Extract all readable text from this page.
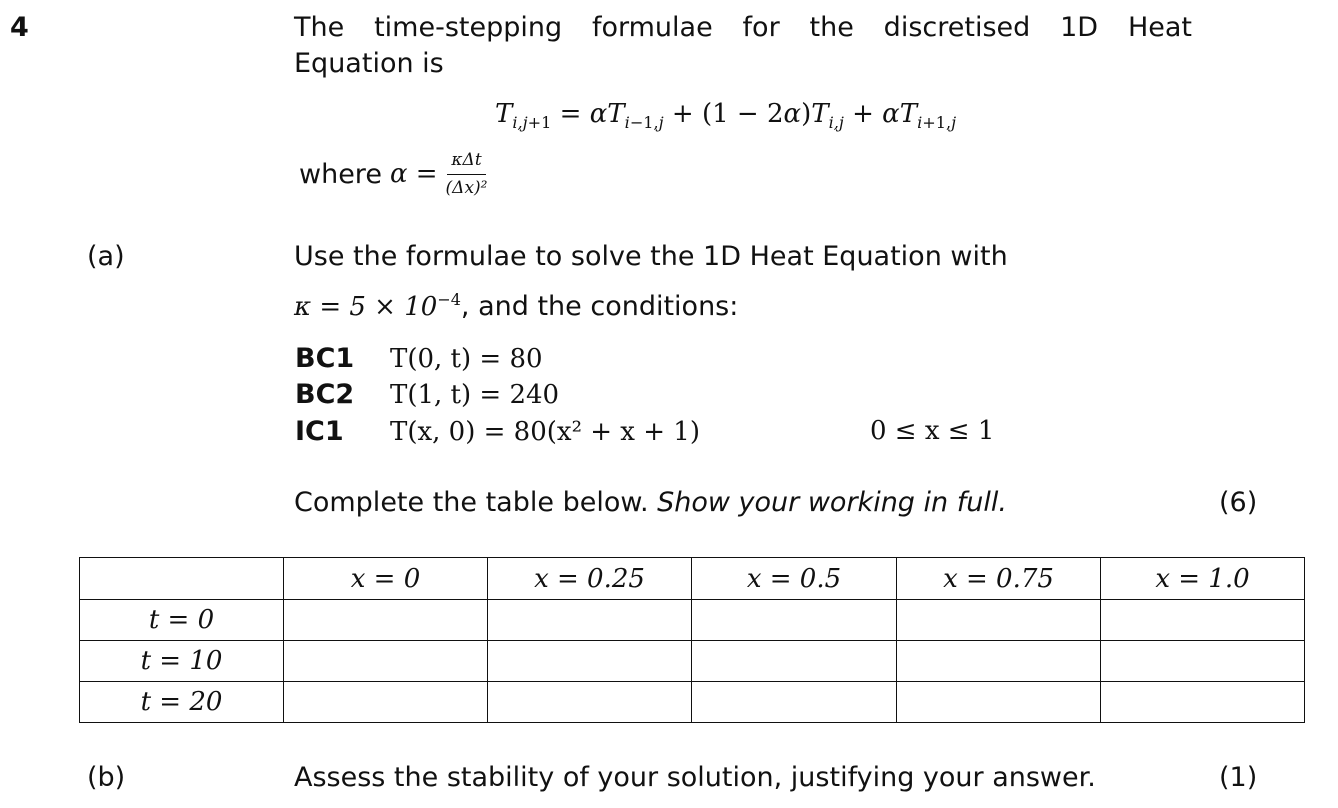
4	The time-stepping formulae for the discretised 1D Heat
Equation is
$T_{i,j+1} = \alpha T_{i-1,j} + (1 - 2\alpha)T_{i,j} + \alpha T_{i+1,j}$
where $\alpha = \frac{\text{κΔt}}{\text{(Δx)²}}$
(a)	Use the formulae to solve the 1D Heat Equation with
$\kappa = 5 \times 10^{-4}$, and the conditions:
BC1 T(0, t) = 80
BC2 T(1, t) = 240
IC1 T(x, 0) = 80(x² + x + 1)	0 ≤ x ≤ 1
Complete the table below. Show your working in full.	(6)
	x = 0	x = 0.25	x = 0.5	x = 0.75	x = 1.0
t = 0					
t = 10					
t = 20					
(b)	Assess the stability of your solution, justifying your answer.	(1)
